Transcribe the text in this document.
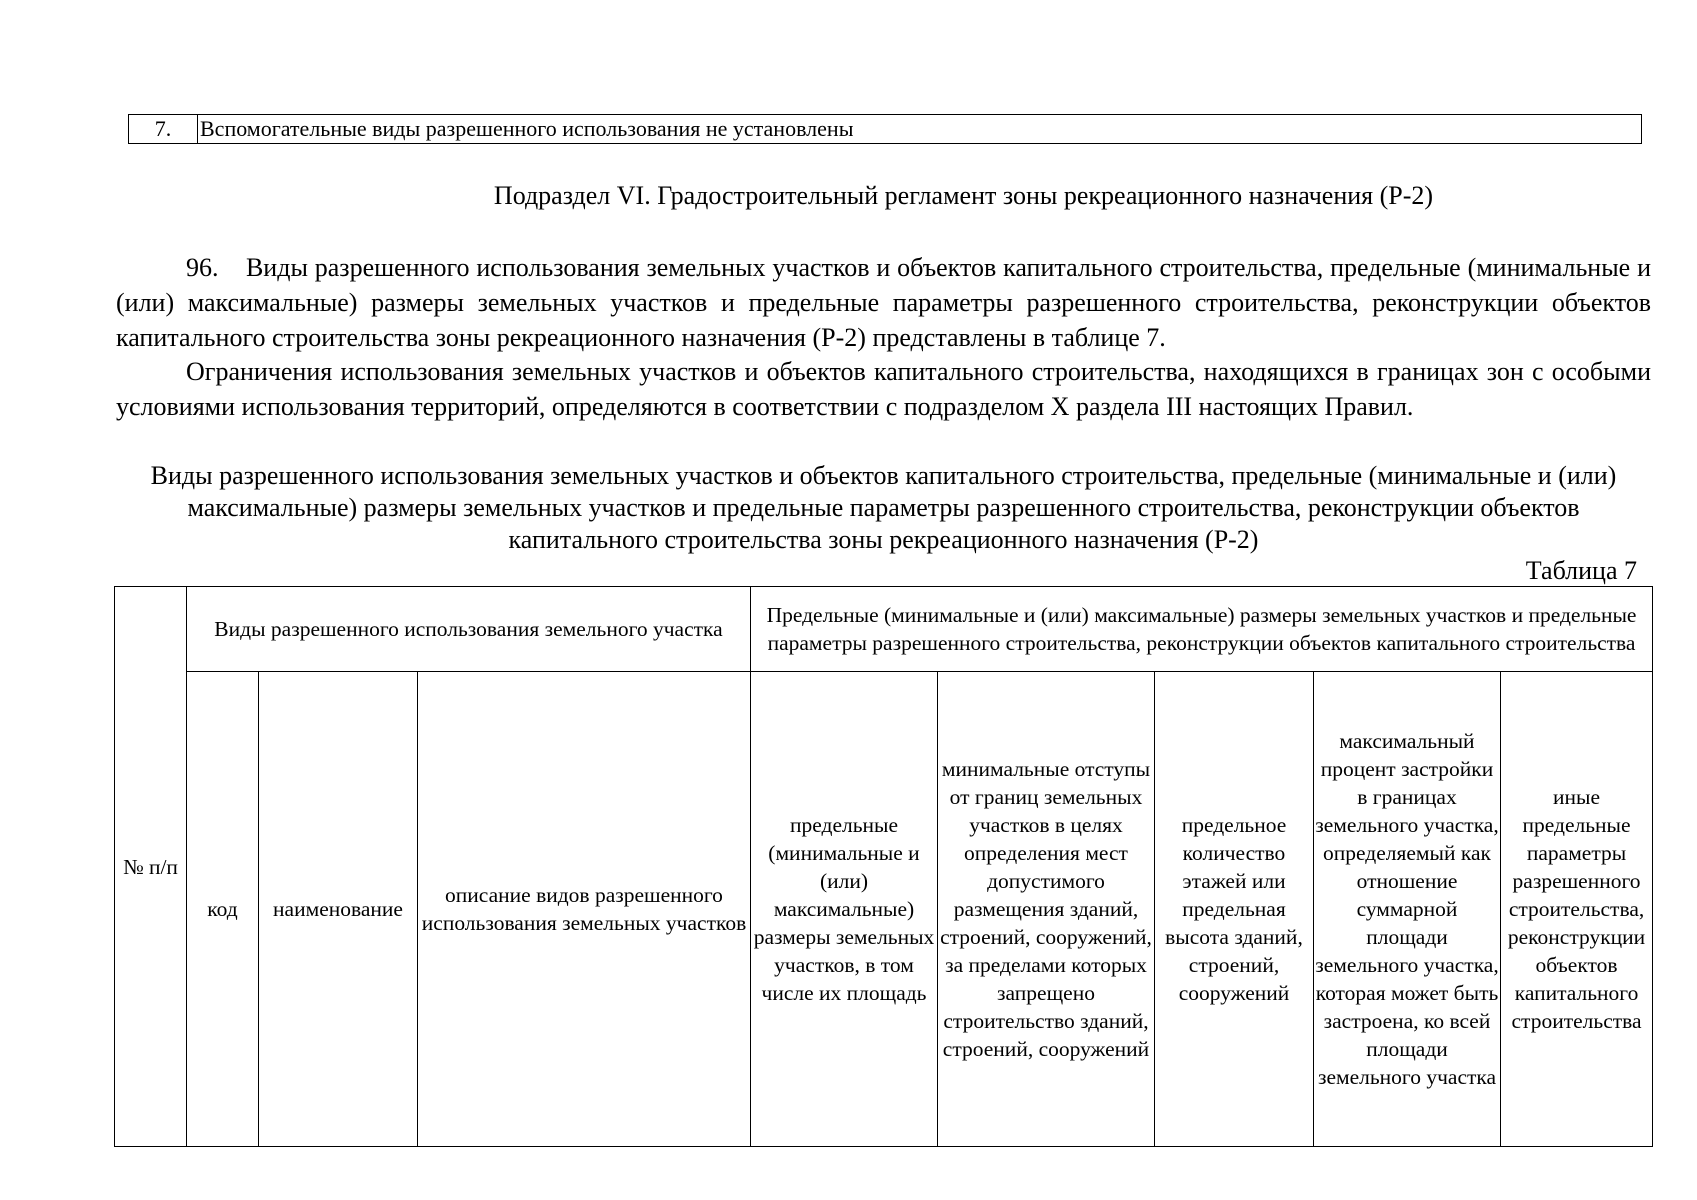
7.	Вспомогательные виды разрешенного использования не установлены
Подраздел VI. Градостроительный регламент зоны рекреационного назначения (Р-2)
96. Виды разрешенного использования земельных участков и объектов капитального строительства, предельные (минимальные и (или) максимальные) размеры земельных участков и предельные параметры разрешенного строительства, реконструкции объектов капитального строительства зоны рекреационного назначения (Р-2) представлены в таблице 7.
Ограничения использования земельных участков и объектов капитального строительства, находящихся в границах зон с особыми условиями использования территорий, определяются в соответствии с подразделом X раздела III настоящих Правил.
Виды разрешенного использования земельных участков и объектов капитального строительства, предельные (минимальные и (или) максимальные) размеры земельных участков и предельные параметры разрешенного строительства, реконструкции объектов капитального строительства зоны рекреационного назначения (Р-2)
Таблица 7
№ п/п	Виды разрешенного использования земельного участка			Предельные (минимальные и (или) максимальные) размеры земельных участков и предельные параметры разрешенного строительства, реконструкции объектов капитального строительства				
	код	наименование	описание видов разрешенного использования земельных участков	предельные (минимальные и (или) максимальные) размеры земельных участков, в том числе их площадь	минимальные отступы от границ земельных участков в целях определения мест допустимого размещения зданий, строений, сооружений, за пределами которых запрещено строительство зданий, строений, сооружений	предельное количество этажей или предельная высота зданий, строений, сооружений	максимальный процент застройки в границах земельного участка, определяемый как отношение суммарной площади земельного участка, которая может быть застроена, ко всей площади земельного участка	иные предельные параметры разрешенного строительства, реконструкции объектов капитального строительства
